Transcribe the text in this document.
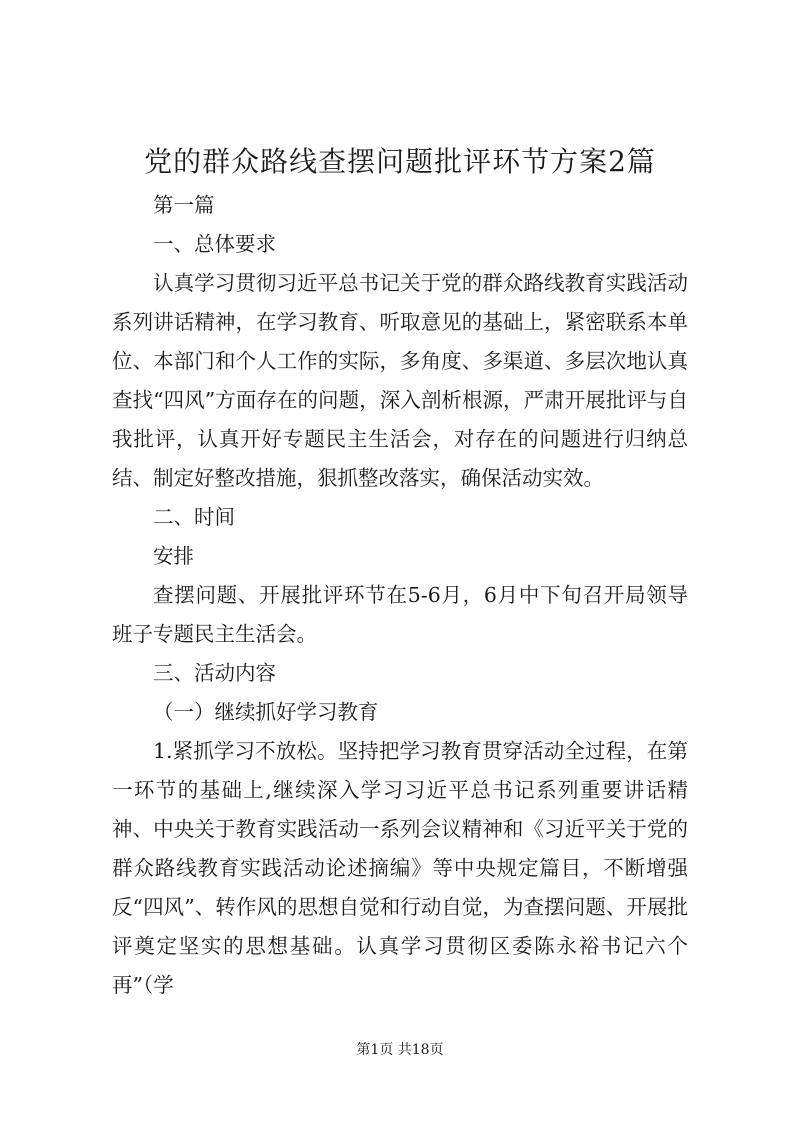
党的群众路线查摆问题批评环节方案2篇

第一篇

一、总体要求

认真学习贯彻习近平总书记关于党的群众路线教育实践活动系列讲话精神，在学习教育、听取意见的基础上，紧密联系本单位、本部门和个人工作的实际，多角度、多渠道、多层次地认真查找“四风”方面存在的问题，深入剖析根源，严肃开展批评与自我批评，认真开好专题民主生活会，对存在的问题进行归纳总结、制定好整改措施，狠抓整改落实，确保活动实效。

二、时间

安排

查摆问题、开展批评环节在5-6月，6月中下旬召开局领导班子专题民主生活会。

三、活动内容

（一）继续抓好学习教育

1.紧抓学习不放松。坚持把学习教育贯穿活动全过程，在第一环节的基础上,继续深入学习习近平总书记系列重要讲话精神、中央关于教育实践活动一系列会议精神和《习近平关于党的群众路线教育实践活动论述摘编》等中央规定篇目，不断增强反“四风”、转作风的思想自觉和行动自觉，为查摆问题、开展批评奠定坚实的思想基础。认真学习贯彻区委陈永裕书记六个再”（学

第1页 共18页
